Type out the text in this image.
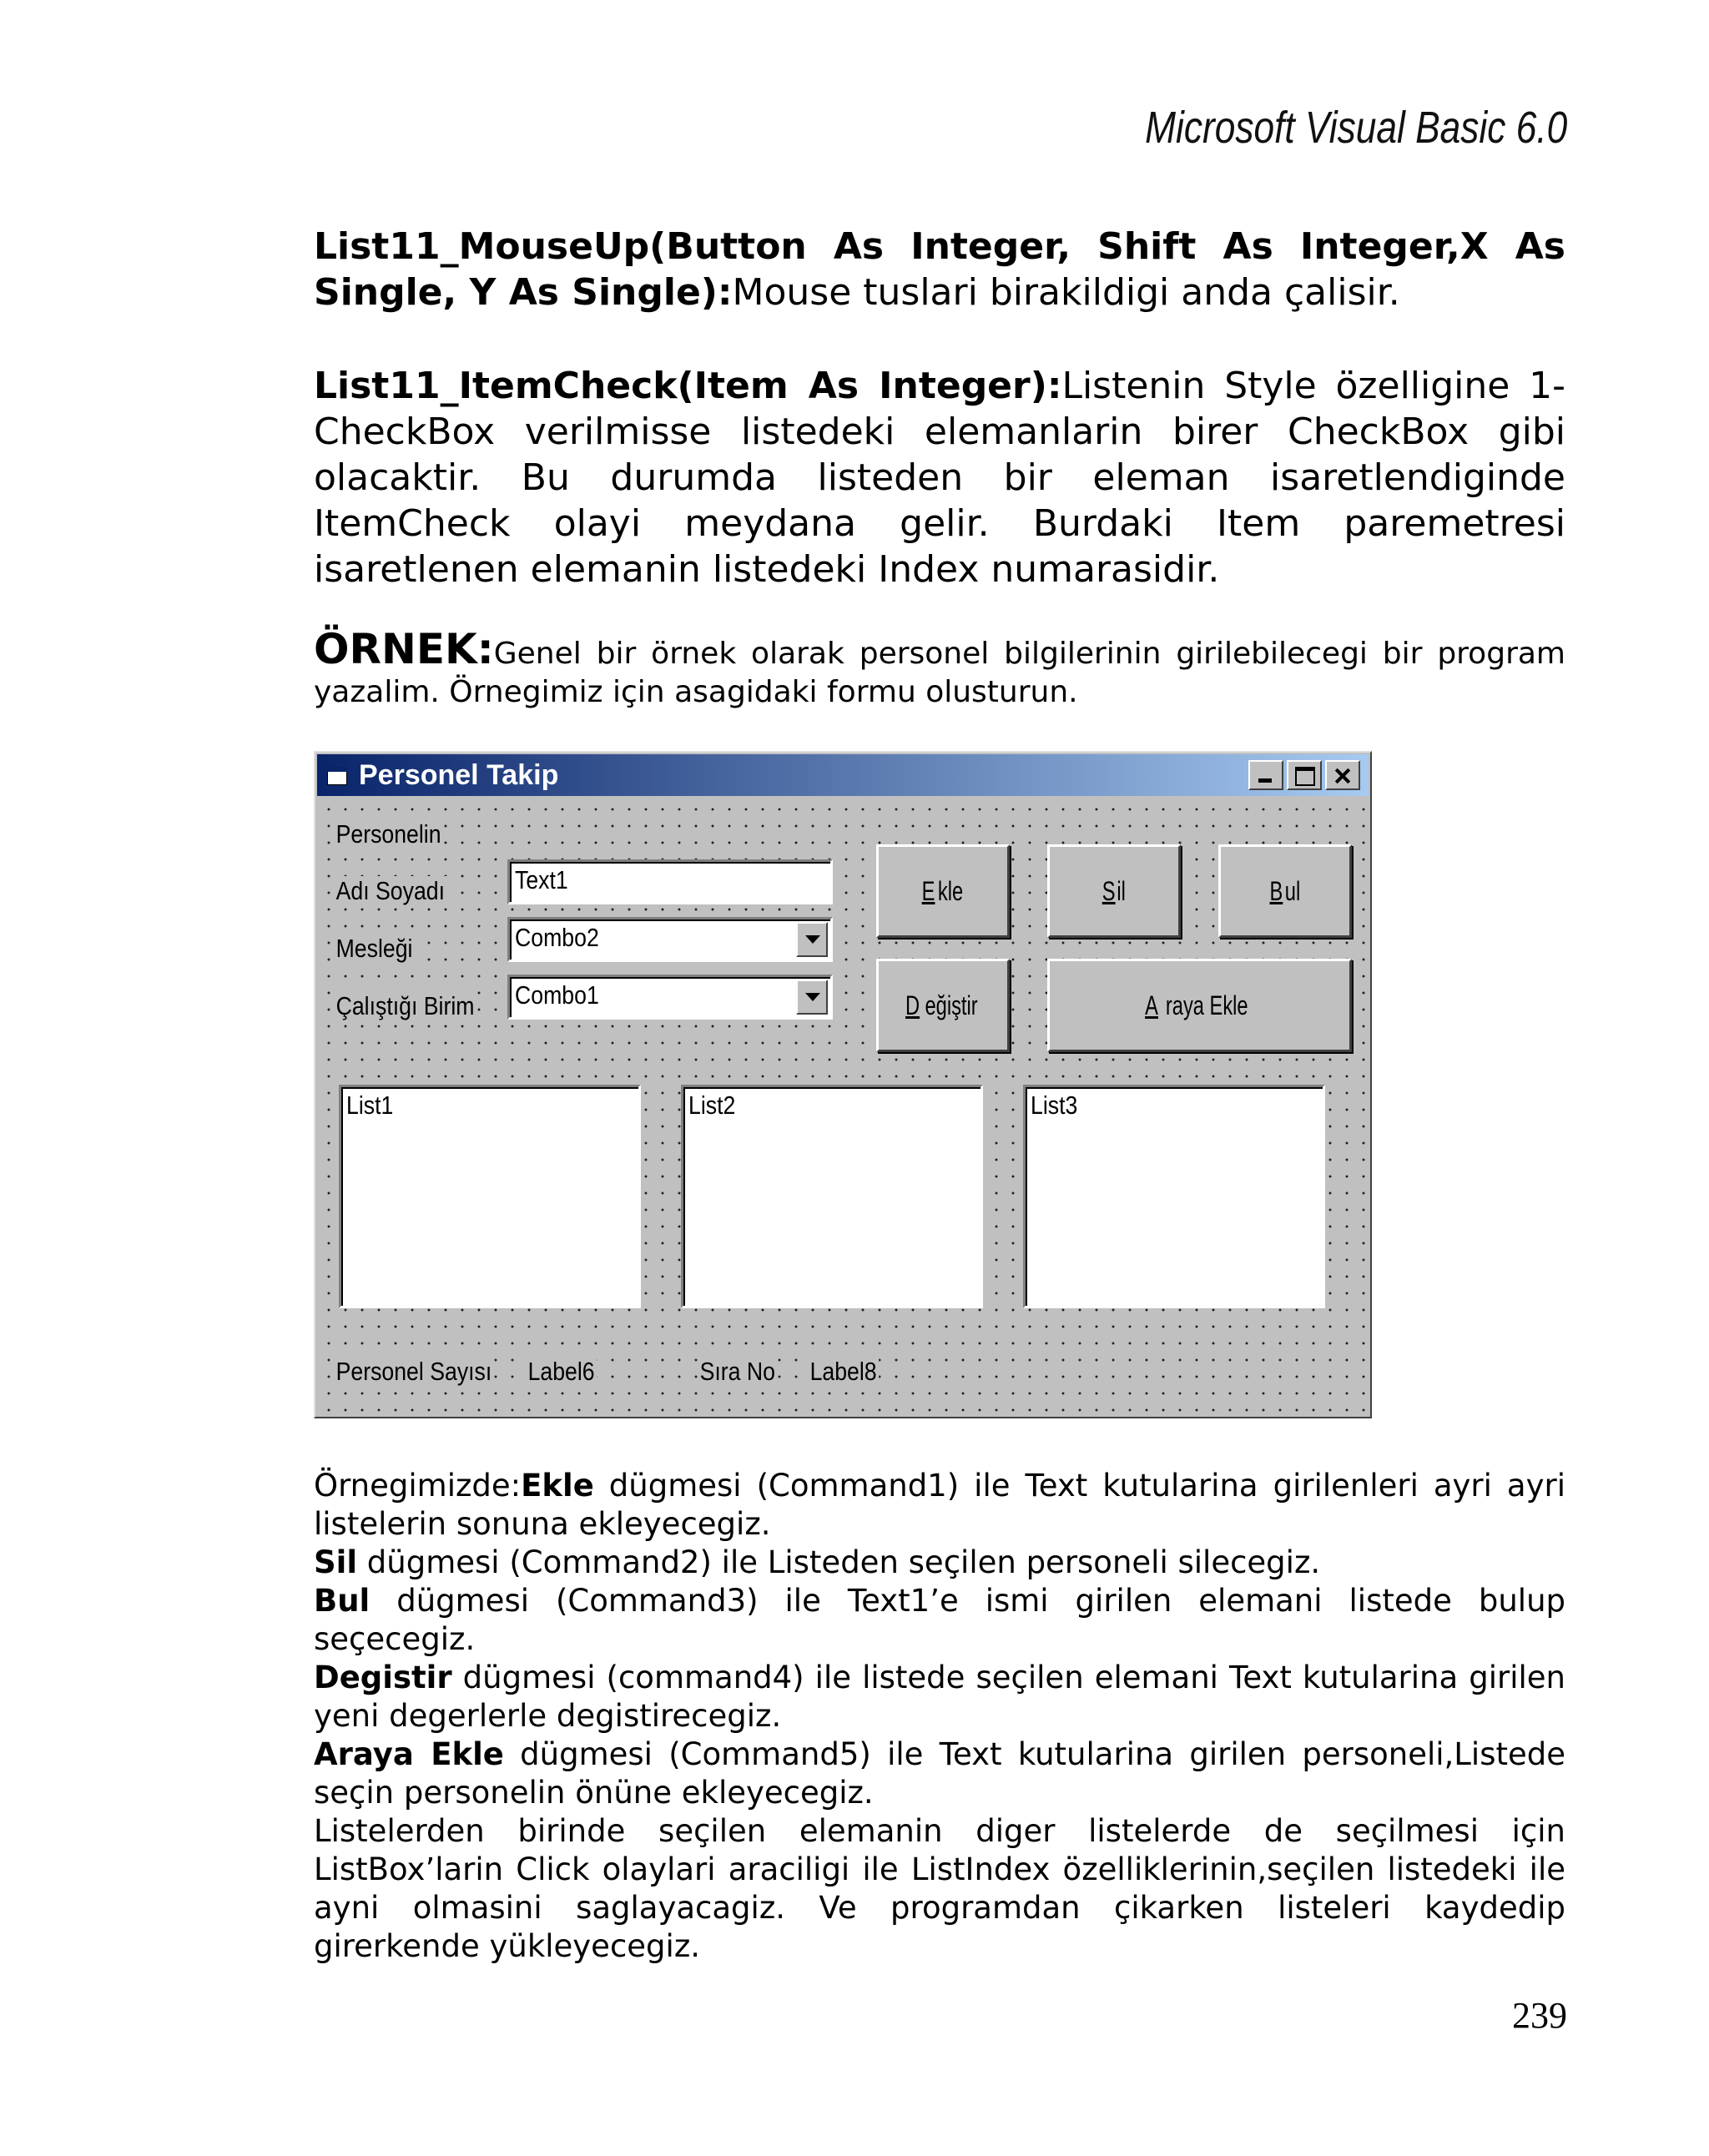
Microsoft Visual Basic 6.0

List11_MouseUp(Button As Integer, Shift As Integer,X As Single, Y As Single):Mouse tuslari birakildigi anda çalisir.

List11_ItemCheck(Item As Integer):Listenin Style özelligine 1-CheckBox verilmisse listedeki elemanlarin birer CheckBox gibi olacaktir. Bu durumda listeden bir eleman isaretlendiginde ItemCheck olayi meydana gelir. Burdaki Item paremetresi isaretlenen elemanin listedeki Index numarasidir.

ÖRNEK:Genel bir örnek olarak personel bilgilerinin girilebilecegi bir program yazalim. Örnegimiz için asagidaki formu olusturun.

Personel Takip
Personelin
Adı Soyadı
Mesleği
Çalıştığı Birim
Text1
Combo2
Combo1
E kle	Sil	Bul
D eğiştir	A raya Ekle
List1	List2	List3
Personel Sayısı Label6	Sıra No Label8

Örnegimizde:Ekle dügmesi (Command1) ile Text kutularina girilenleri ayri ayri listelerin sonuna ekleyecegiz.

Sil dügmesi (Command2) ile Listeden seçilen personeli silecegiz.

Bul dügmesi (Command3) ile Text1’e ismi girilen elemani listede bulup seçecegiz.

Degistir dügmesi (command4) ile listede seçilen elemani Text kutularina girilen yeni degerlerle degistirecegiz.

Araya Ekle dügmesi (Command5) ile Text kutularina girilen personeli,Listede seçin personelin önüne ekleyecegiz.

Listelerden birinde seçilen elemanin diger listelerde de seçilmesi için ListBox’larin Click olaylari araciligi ile ListIndex özelliklerinin,seçilen listedeki ile ayni olmasini saglayacagiz. Ve programdan çikarken listeleri kaydedip girerkende yükleyecegiz.

239
